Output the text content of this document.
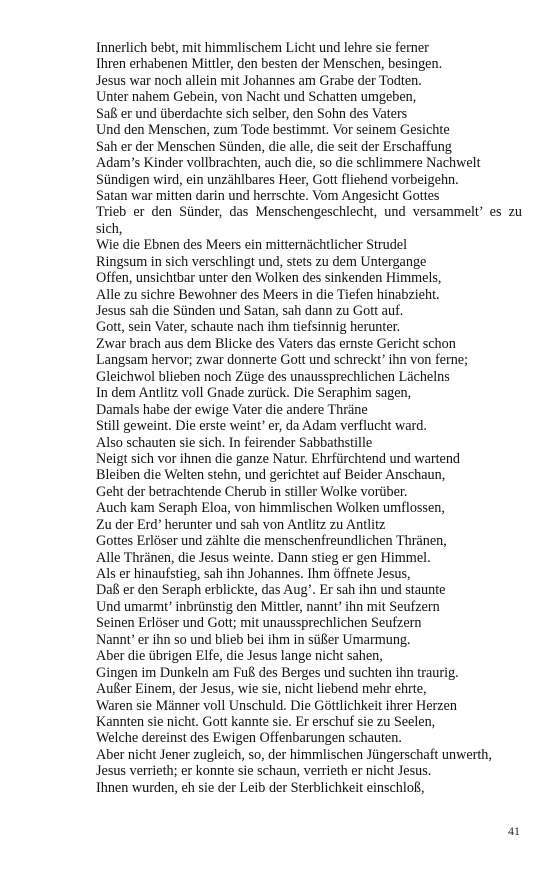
Innerlich bebt, mit himmlischem Licht und lehre sie ferner
Ihren erhabenen Mittler, den besten der Menschen, besingen.
Jesus war noch allein mit Johannes am Grabe der Todten.
Unter nahem Gebein, von Nacht und Schatten umgeben,
Saß er und überdachte sich selber, den Sohn des Vaters
Und den Menschen, zum Tode bestimmt. Vor seinem Gesichte
Sah er der Menschen Sünden, die alle, die seit der Erschaffung
Adam’s Kinder vollbrachten, auch die, so die schlimmere Nachwelt
Sündigen wird, ein unzählbares Heer, Gott fliehend vorbeigehn.
Satan war mitten darin und herrschte. Vom Angesicht Gottes
Trieb er den Sünder, das Menschengeschlecht, und versammelt’ es zu
sich,
Wie die Ebnen des Meers ein mitternächtlicher Strudel
Ringsum in sich verschlingt und, stets zu dem Untergange
Offen, unsichtbar unter den Wolken des sinkenden Himmels,
Alle zu sichre Bewohner des Meers in die Tiefen hinabzieht.
Jesus sah die Sünden und Satan, sah dann zu Gott auf.
Gott, sein Vater, schaute nach ihm tiefsinnig herunter.
Zwar brach aus dem Blicke des Vaters das ernste Gericht schon
Langsam hervor; zwar donnerte Gott und schreckt’ ihn von ferne;
Gleichwol blieben noch Züge des unaussprechlichen Lächelns
In dem Antlitz voll Gnade zurück. Die Seraphim sagen,
Damals habe der ewige Vater die andere Thräne
Still geweint. Die erste weint’ er, da Adam verflucht ward.
Also schauten sie sich. In feirender Sabbathstille
Neigt sich vor ihnen die ganze Natur. Ehrfürchtend und wartend
Bleiben die Welten stehn, und gerichtet auf Beider Anschaun,
Geht der betrachtende Cherub in stiller Wolke vorüber.
Auch kam Seraph Eloa, von himmlischen Wolken umflossen,
Zu der Erd’ herunter und sah von Antlitz zu Antlitz
Gottes Erlöser und zählte die menschenfreundlichen Thränen,
Alle Thränen, die Jesus weinte. Dann stieg er gen Himmel.
Als er hinaufstieg, sah ihn Johannes. Ihm öffnete Jesus,
Daß er den Seraph erblickte, das Aug’. Er sah ihn und staunte
Und umarmt’ inbrünstig den Mittler, nannt’ ihn mit Seufzern
Seinen Erlöser und Gott; mit unaussprechlichen Seufzern
Nannt’ er ihn so und blieb bei ihm in süßer Umarmung.
Aber die übrigen Elfe, die Jesus lange nicht sahen,
Gingen im Dunkeln am Fuß des Berges und suchten ihn traurig.
Außer Einem, der Jesus, wie sie, nicht liebend mehr ehrte,
Waren sie Männer voll Unschuld. Die Göttlichkeit ihrer Herzen
Kannten sie nicht. Gott kannte sie. Er erschuf sie zu Seelen,
Welche dereinst des Ewigen Offenbarungen schauten.
Aber nicht Jener zugleich, so, der himmlischen Jüngerschaft unwerth,
Jesus verrieth; er konnte sie schaun, verrieth er nicht Jesus.
Ihnen wurden, eh sie der Leib der Sterblichkeit einschloß,
41
